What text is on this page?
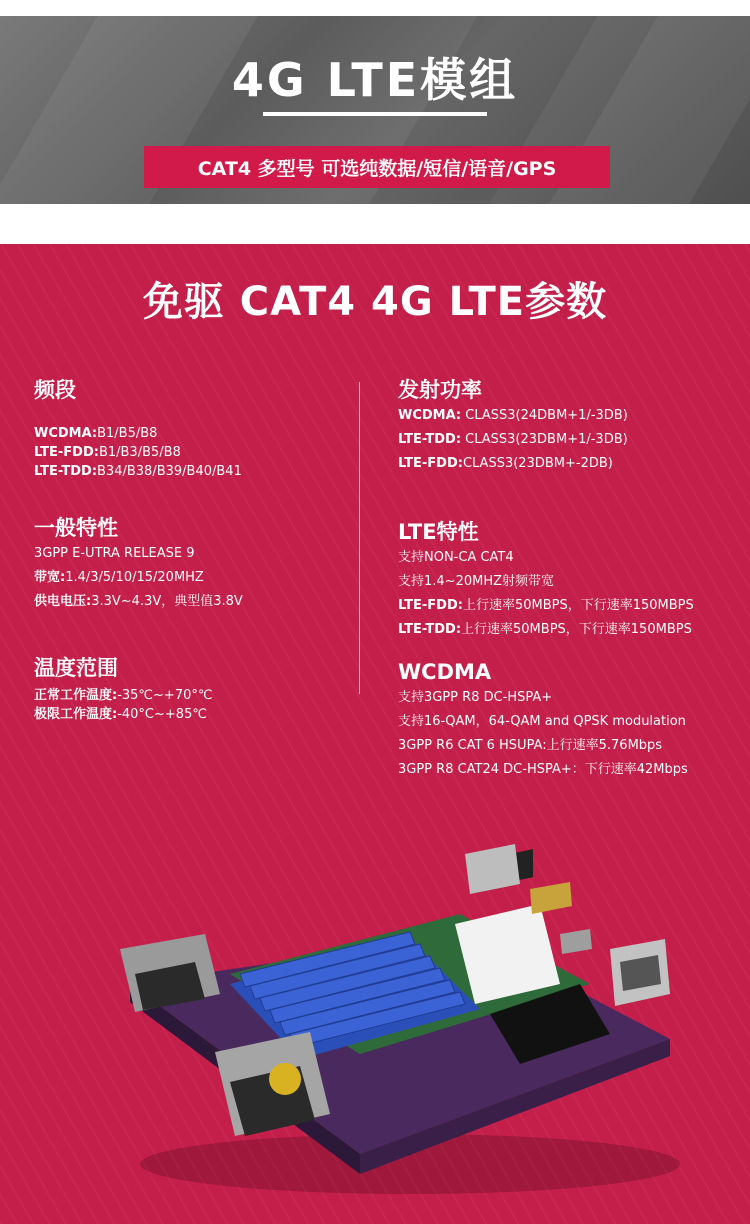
4G LTE模组
CAT4 多型号 可选纯数据/短信/语音/GPS
免驱 CAT4 4G LTE参数
频段
WCDMA:B1/B5/B8
LTE-FDD:B1/B3/B5/B8
LTE-TDD:B34/B38/B39/B40/B41
一般特性
3GPP E-UTRA RELEASE 9
带宽:1.4/3/5/10/15/20MHZ
供电电压:3.3V~4.3V，典型值3.8V
温度范围
正常工作温度:-35℃~+70°℃
极限工作温度:-40°C~+85℃
发射功率
WCDMA: CLASS3(24DBM+1/-3DB)
LTE-TDD: CLASS3(23DBM+1/-3DB)
LTE-FDD:CLASS3(23DBM+-2DB)
LTE特性
支持NON-CA CAT4
支持1.4~20MHZ射频带宽
LTE-FDD:上行速率50MBPS，下行速率150MBPS
LTE-TDD:上行速率50MBPS，下行速率150MBPS
WCDMA
支持3GPP R8 DC-HSPA+
支持16-QAM，64-QAM and QPSK modulation
3GPP R6 CAT 6 HSUPA:上行速率5.76Mbps
3GPP R8 CAT24 DC-HSPA+：下行速率42Mbps
